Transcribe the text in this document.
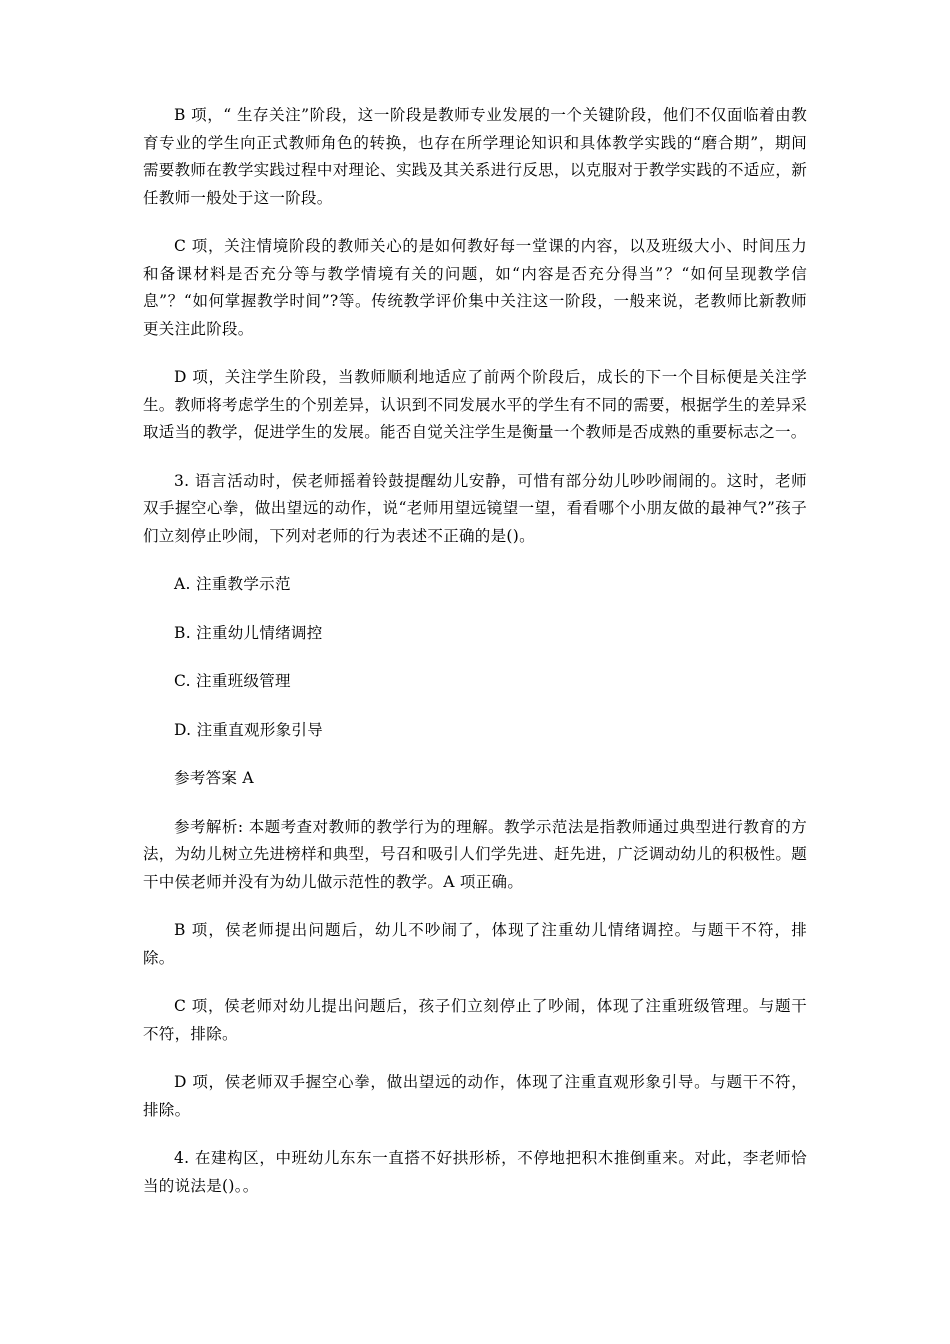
B 项，“ 生存关注”阶段，这一阶段是教师专业发展的一个关键阶段，他们不仅面临着由教育专业的学生向正式教师角色的转换，也存在所学理论知识和具体教学实践的“磨合期”，期间需要教师在教学实践过程中对理论、实践及其关系进行反思，以克服对于教学实践的不适应，新任教师一般处于这一阶段。

C 项，关注情境阶段的教师关心的是如何教好每一堂课的内容，以及班级大小、时间压力和备课材料是否充分等与教学情境有关的问题，如“内容是否充分得当”？“如何呈现教学信息”？“如何掌握教学时间”?等。传统教学评价集中关注这一阶段，一般来说，老教师比新教师更关注此阶段。

D 项，关注学生阶段，当教师顺利地适应了前两个阶段后，成长的下一个目标便是关注学生。教师将考虑学生的个别差异，认识到不同发展水平的学生有不同的需要，根据学生的差异采取适当的教学，促进学生的发展。能否自觉关注学生是衡量一个教师是否成熟的重要标志之一。

3. 语言活动时，侯老师摇着铃鼓提醒幼儿安静，可惜有部分幼儿吵吵闹闹的。这时，老师双手握空心拳，做出望远的动作，说“老师用望远镜望一望，看看哪个小朋友做的最神气?”孩子们立刻停止吵闹，下列对老师的行为表述不正确的是()。

A. 注重教学示范

B. 注重幼儿情绪调控

C. 注重班级管理

D. 注重直观形象引导

参考答案 A

参考解析: 本题考查对教师的教学行为的理解。教学示范法是指教师通过典型进行教育的方法，为幼儿树立先进榜样和典型，号召和吸引人们学先进、赶先进，广泛调动幼儿的积极性。题干中侯老师并没有为幼儿做示范性的教学。A 项正确。

B 项，侯老师提出问题后，幼儿不吵闹了，体现了注重幼儿情绪调控。与题干不符，排除。

C 项，侯老师对幼儿提出问题后，孩子们立刻停止了吵闹，体现了注重班级管理。与题干不符，排除。

D 项，侯老师双手握空心拳，做出望远的动作，体现了注重直观形象引导。与题干不符，排除。

4. 在建构区，中班幼儿东东一直搭不好拱形桥，不停地把积木推倒重来。对此，李老师恰当的说法是()。。
